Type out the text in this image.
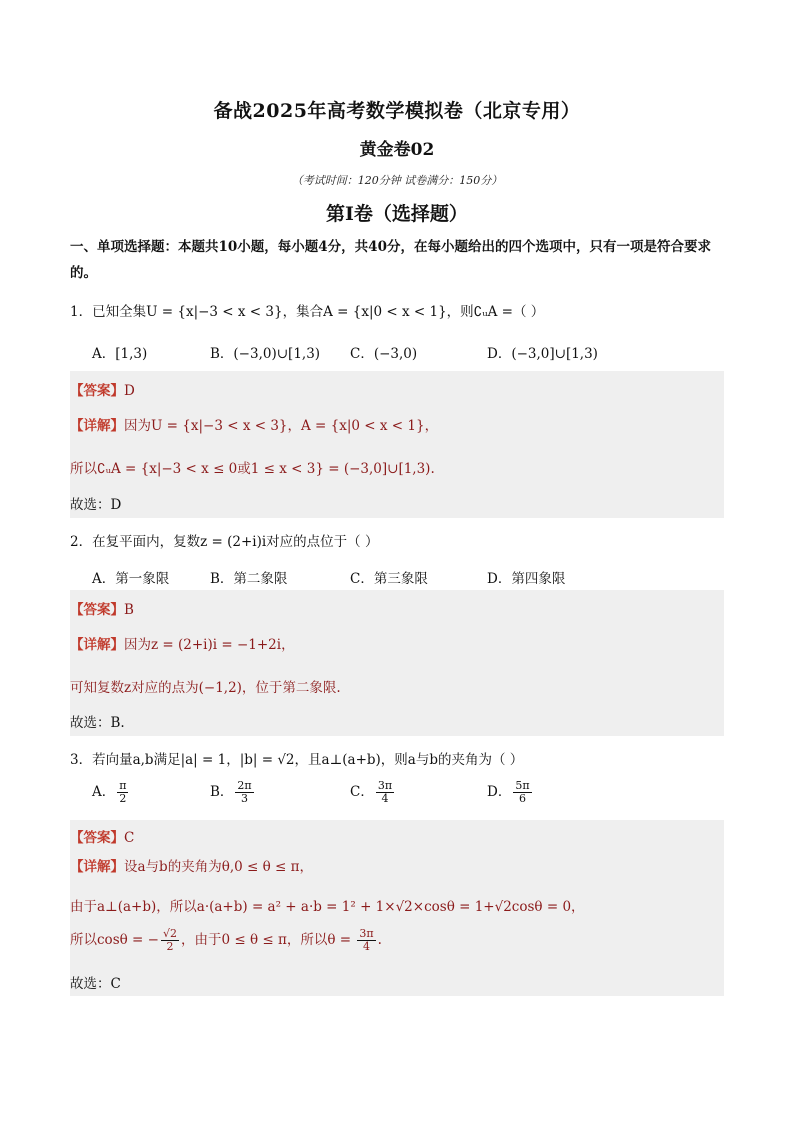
备战2025年高考数学模拟卷（北京专用）
黄金卷02
（考试时间：120分钟 试卷满分：150分）
第I卷（选择题）
一、单项选择题：本题共10小题，每小题4分，共40分，在每小题给出的四个选项中，只有一项是符合要求的。
1．已知全集U = {x|−3 < x < 3}，集合A = {x|0 < x < 1}，则∁ᵤA =（ ）
A．[1,3)	B．(−3,0)∪[1,3) C．(−3,0)	D．(−3,0]∪[1,3)
【答案】D
【详解】因为U = {x|−3 < x < 3}，A = {x|0 < x < 1}，
所以∁ᵤA = {x|−3 < x ≤ 0或1 ≤ x < 3} = (−3,0]∪[1,3).
故选：D
2．在复平面内，复数z = (2+i)i对应的点位于（ ）
A．第一象限	B．第二象限	C．第三象限	D．第四象限
【答案】B
【详解】因为z = (2+i)i = −1+2i，
可知复数z对应的点为(−1,2)，位于第二象限.
故选：B.
3．若向量a,b满足|a| = 1，|b| = √2，且a⊥(a+b)，则a与b的夹角为（ ）
A． $\frac{\pi}{2}$	B． $\frac{2\pi}{3}$	C． $\frac{3\pi}{4}$	D． $\frac{5\pi}{6}$
【答案】C
【详解】设a与b的夹角为θ,0 ≤ θ ≤ π，
由于a⊥(a+b)，所以a·(a+b) = a² + a·b = 1² + 1×√2×cosθ = 1+√2cosθ = 0，
所以cosθ = − $\frac{√2}{2}$ ，由于0 ≤ θ ≤ π，所以$\theta = \frac{3\pi}{4}$ .
故选：C
